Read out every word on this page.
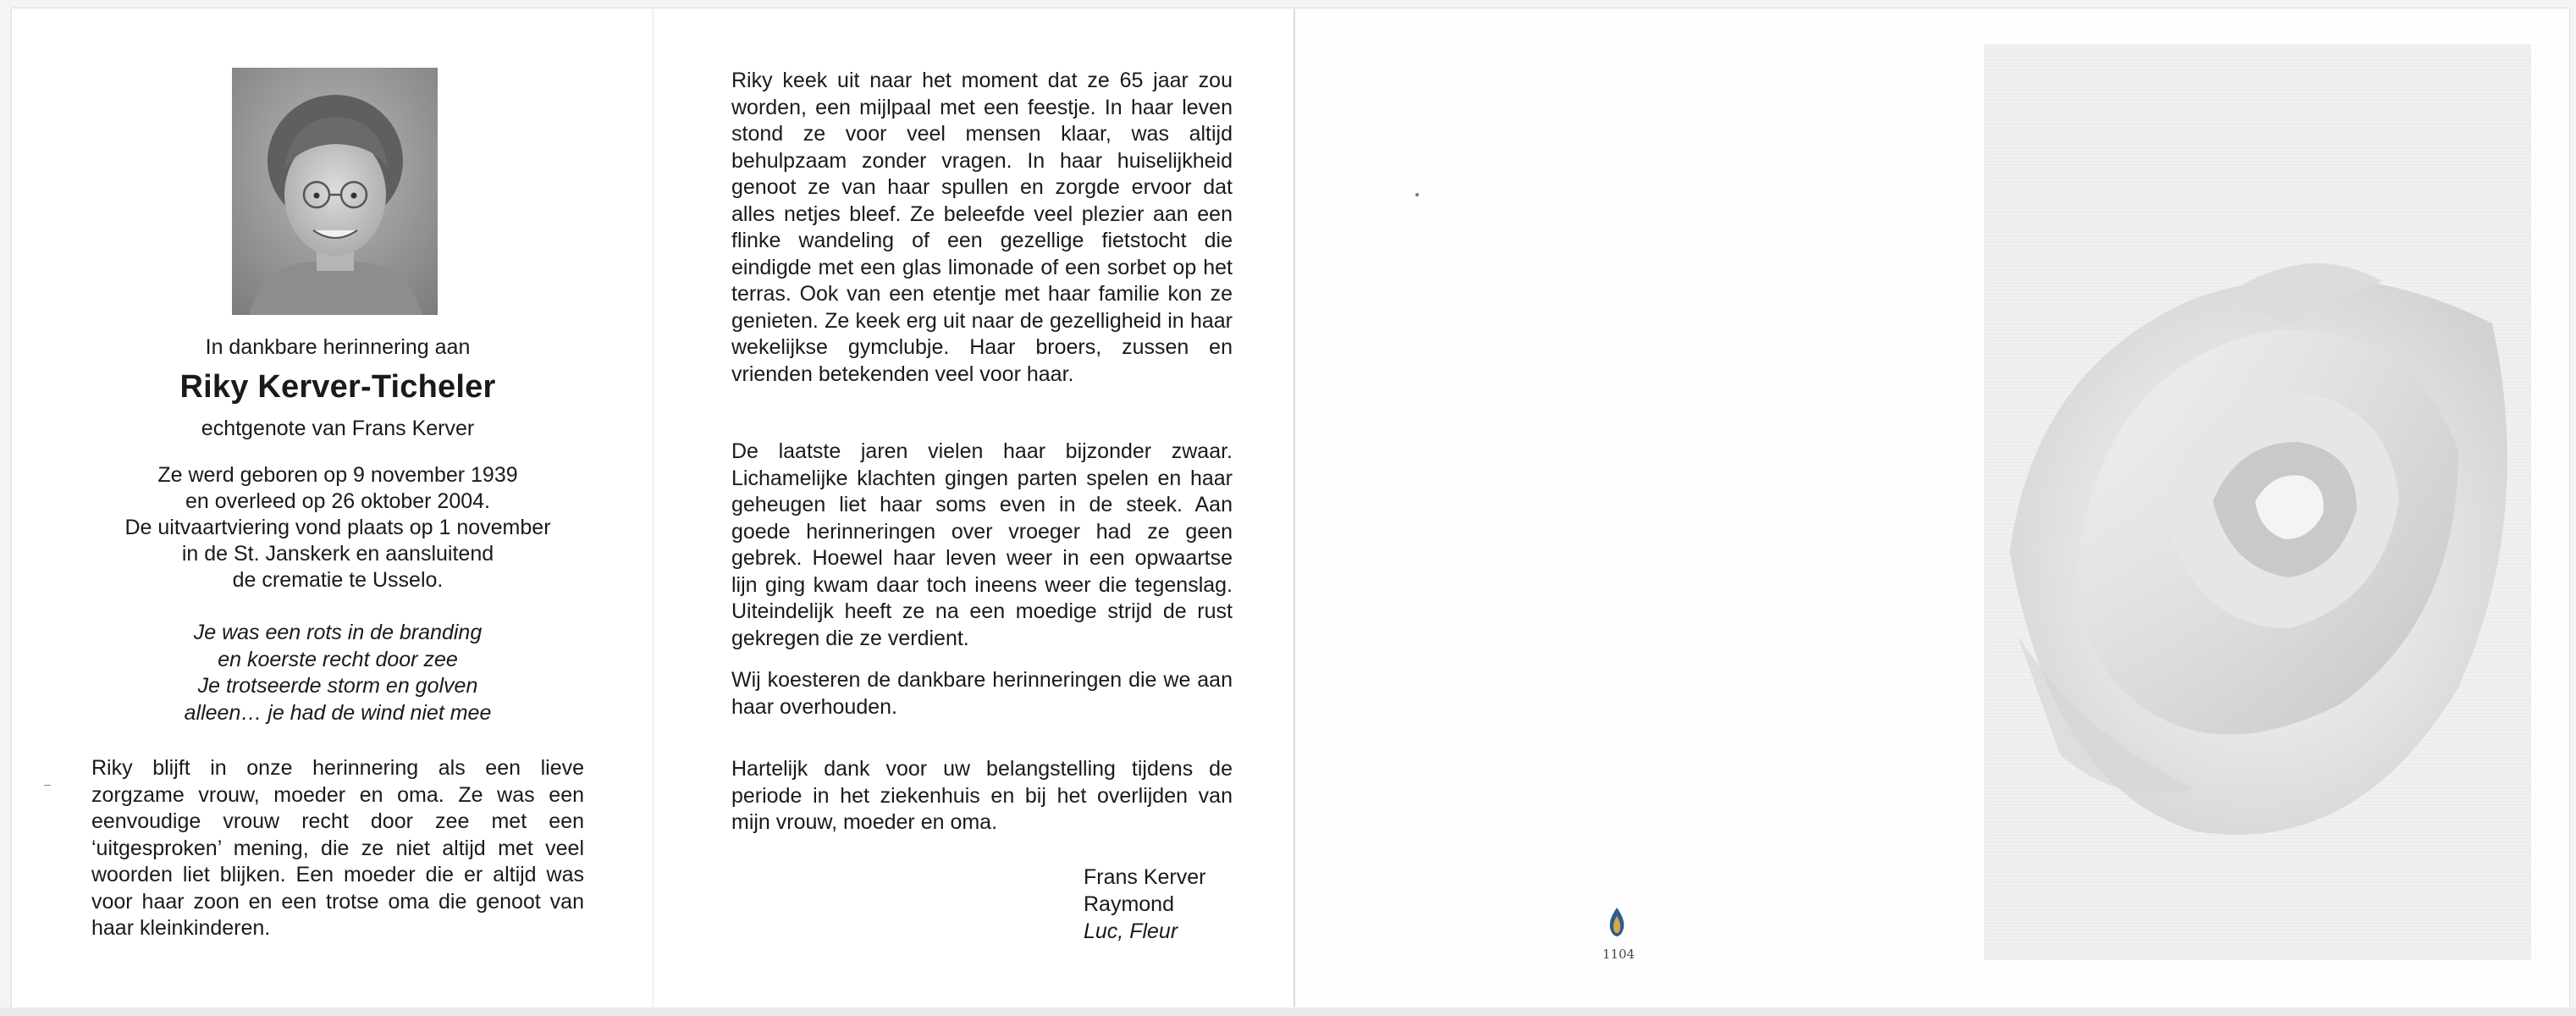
In dankbare herinnering aan
Riky Kerver-Ticheler
echtgenote van Frans Kerver
Ze werd geboren op 9 november 1939
en overleed op 26 oktober 2004.
De uitvaartviering vond plaats op 1 november
in de St. Janskerk en aansluitend
de crematie te Usselo.
Je was een rots in de branding
en koerste recht door zee
Je trotseerde storm en golven
alleen… je had de wind niet mee
–
Riky blijft in onze herinnering als een lieve zorgzame vrouw, moeder en oma. Ze was een eenvoudige vrouw recht door zee met een ‘uitgesproken’ mening, die ze niet altijd met veel woorden liet blijken. Een moeder die er altijd was voor haar zoon en een trotse oma die genoot van haar kleinkinderen.
Riky keek uit naar het moment dat ze 65 jaar zou worden, een mijlpaal met een feestje. In haar leven stond ze voor veel mensen klaar, was altijd behulpzaam zonder vragen. In haar huiselijkheid genoot ze van haar spullen en zorgde ervoor dat alles netjes bleef. Ze beleefde veel plezier aan een flinke wandeling of een gezellige fietstocht die eindigde met een glas limonade of een sorbet op het terras. Ook van een etentje met haar familie kon ze genieten. Ze keek erg uit naar de gezelligheid in haar wekelijkse gymclubje. Haar broers, zussen en vrienden betekenden veel voor haar.
De laatste jaren vielen haar bijzonder zwaar. Lichamelijke klachten gingen parten spelen en haar geheugen liet haar soms even in de steek. Aan goede herinneringen over vroeger had ze geen gebrek. Hoewel haar leven weer in een opwaartse lijn ging kwam daar toch ineens weer die tegenslag. Uiteindelijk heeft ze na een moedige strijd de rust gekregen die ze verdient.
Wij koesteren de dankbare herinneringen die we aan haar overhouden.
Hartelijk dank voor uw belangstelling tijdens de periode in het ziekenhuis en bij het overlijden van mijn vrouw, moeder en oma.
Frans Kerver
Raymond
Luc, Fleur
1104
